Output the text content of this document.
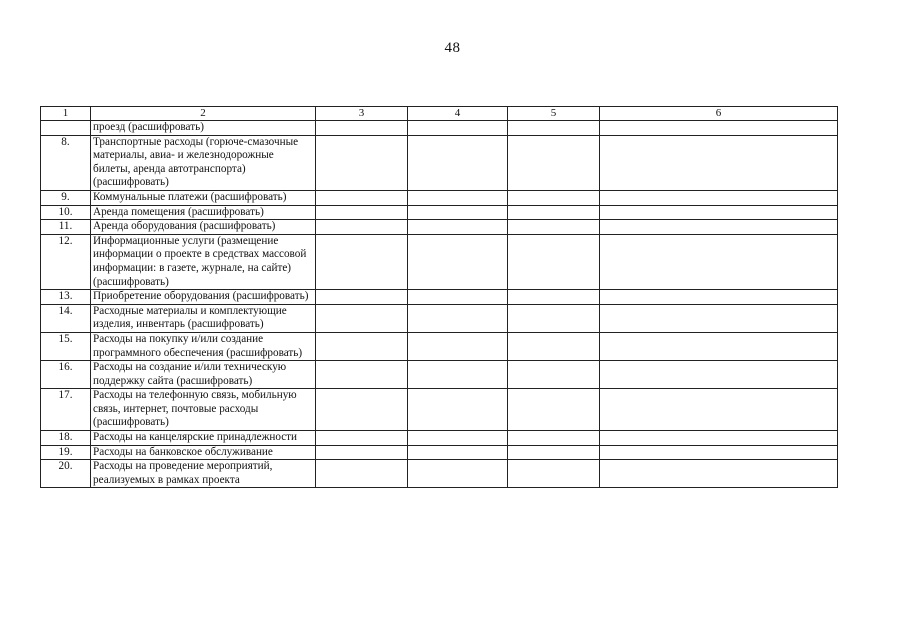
48
1	2	3	4	5	6
	проезд (расшифровать)				
8.	Транспортные расходы (горюче-смазочные материалы, авиа- и железнодорожные билеты, аренда автотранспорта) (расшифровать)				
9.	Коммунальные платежи (расшифровать)				
10.	Аренда помещения (расшифровать)				
11.	Аренда оборудования (расшифровать)				
12.	Информационные услуги (размещение информации о проекте в средствах массовой информации: в газете, журнале, на сайте) (расшифровать)				
13.	Приобретение оборудования (расшифровать)				
14.	Расходные материалы и комплектующие изделия, инвентарь (расшифровать)				
15.	Расходы на покупку и/или создание программного обеспечения (расшифровать)				
16.	Расходы на создание и/или техническую поддержку сайта (расшифровать)				
17.	Расходы на телефонную связь, мобильную связь, интернет, почтовые расходы (расшифровать)				
18.	Расходы на канцелярские принадлежности				
19.	Расходы на банковское обслуживание				
20.	Расходы на проведение мероприятий, реализуемых в рамках проекта				
